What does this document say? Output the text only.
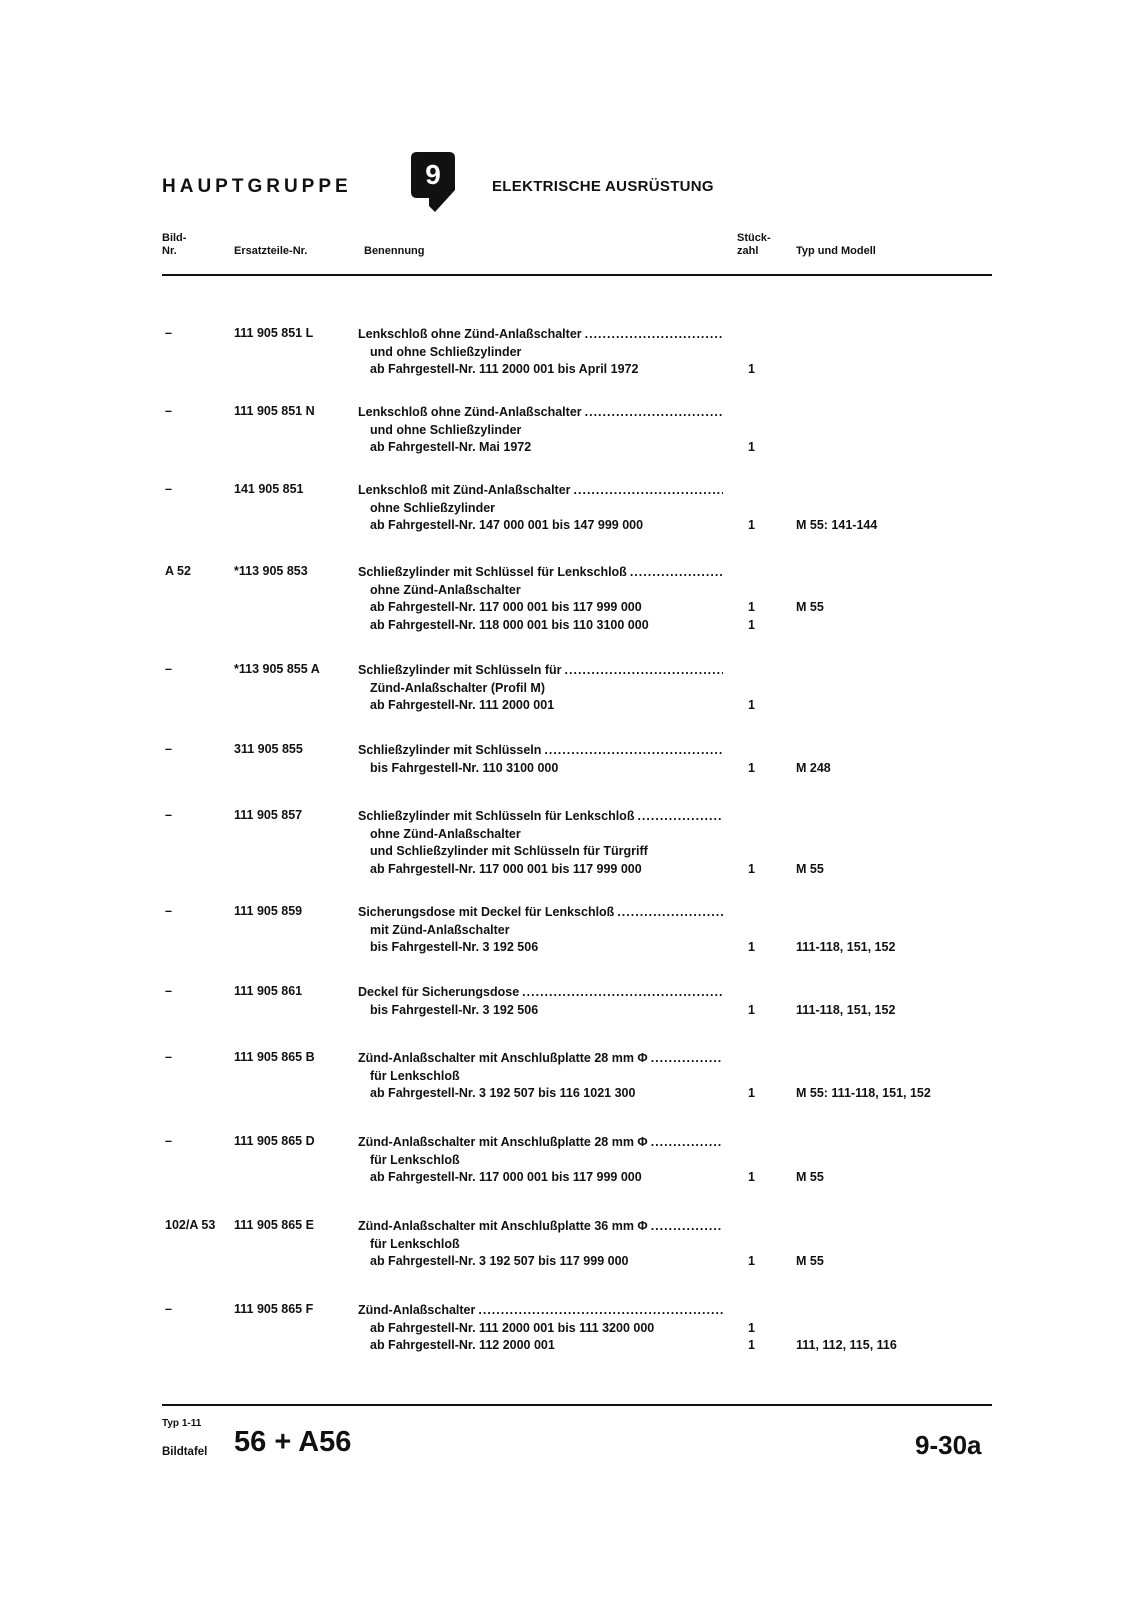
HAUPTGRUPPE	9	ELEKTRISCHE AUSRÜSTUNG
Bild-
Nr.	Ersatzteile-Nr.	Benennung
Stück-
zahl	Typ und Modell
–	111 905 851 L	Lenkschloß ohne Zünd-Anlaßschalter
.....
und ohne Schließzylinder
ab Fahrgestell-Nr. 111 2000 001 bis April 1972	1
–	111 905 851 N	Lenkschloß ohne Zünd-Anlaßschalter
.....
und ohne Schließzylinder
ab Fahrgestell-Nr. Mai 1972	1
–	141 905 851	Lenkschloß mit Zünd-Anlaßschalter
.....
ohne Schließzylinder
ab Fahrgestell-Nr. 147 000 001 bis 147 999 000	1	M 55: 141-144
A 52	*113 905 853	Schließzylinder mit Schlüssel für Lenkschloß
.....
ohne Zünd-Anlaßschalter
ab Fahrgestell-Nr. 117 000 001 bis 117 999 000	1	M 55
ab Fahrgestell-Nr. 118 000 001 bis 110 3100 000	1
–	*113 905 855 A	Schließzylinder mit Schlüsseln für
.....
Zünd-Anlaßschalter (Profil M)
ab Fahrgestell-Nr. 111 2000 001	1
–	311 905 855	Schließzylinder mit Schlüsseln
.....
bis Fahrgestell-Nr. 110 3100 000	1	M 248
–	111 905 857	Schließzylinder mit Schlüsseln für Lenkschloß
.....
ohne Zünd-Anlaßschalter
und Schließzylinder mit Schlüsseln für Türgriff
ab Fahrgestell-Nr. 117 000 001 bis 117 999 000	1	M 55
–	111 905 859	Sicherungsdose mit Deckel für Lenkschloß
.....
mit Zünd-Anlaßschalter
bis Fahrgestell-Nr. 3 192 506	1	111-118, 151, 152
–	111 905 861	Deckel für Sicherungsdose
.....
bis Fahrgestell-Nr. 3 192 506	1	111-118, 151, 152
–	111 905 865 B	Zünd-Anlaßschalter mit Anschlußplatte 28 mm Φ
.....
für Lenkschloß
ab Fahrgestell-Nr. 3 192 507 bis 116 1021 300	1	M 55: 111-118, 151, 152
–	111 905 865 D	Zünd-Anlaßschalter mit Anschlußplatte 28 mm Φ
.....
für Lenkschloß
ab Fahrgestell-Nr. 117 000 001 bis 117 999 000	1	M 55
102/A 53 111 905 865 E	Zünd-Anlaßschalter mit Anschlußplatte 36 mm Φ
.....
für Lenkschloß
ab Fahrgestell-Nr. 3 192 507 bis 117 999 000	1	M 55
–	111 905 865 F	Zünd-Anlaßschalter
.....
ab Fahrgestell-Nr. 111 2000 001 bis 111 3200 000	1
ab Fahrgestell-Nr. 112 2000 001	1	111, 112, 115, 116
Typ 1-11
Bildtafel 56 + A56	9-30a
